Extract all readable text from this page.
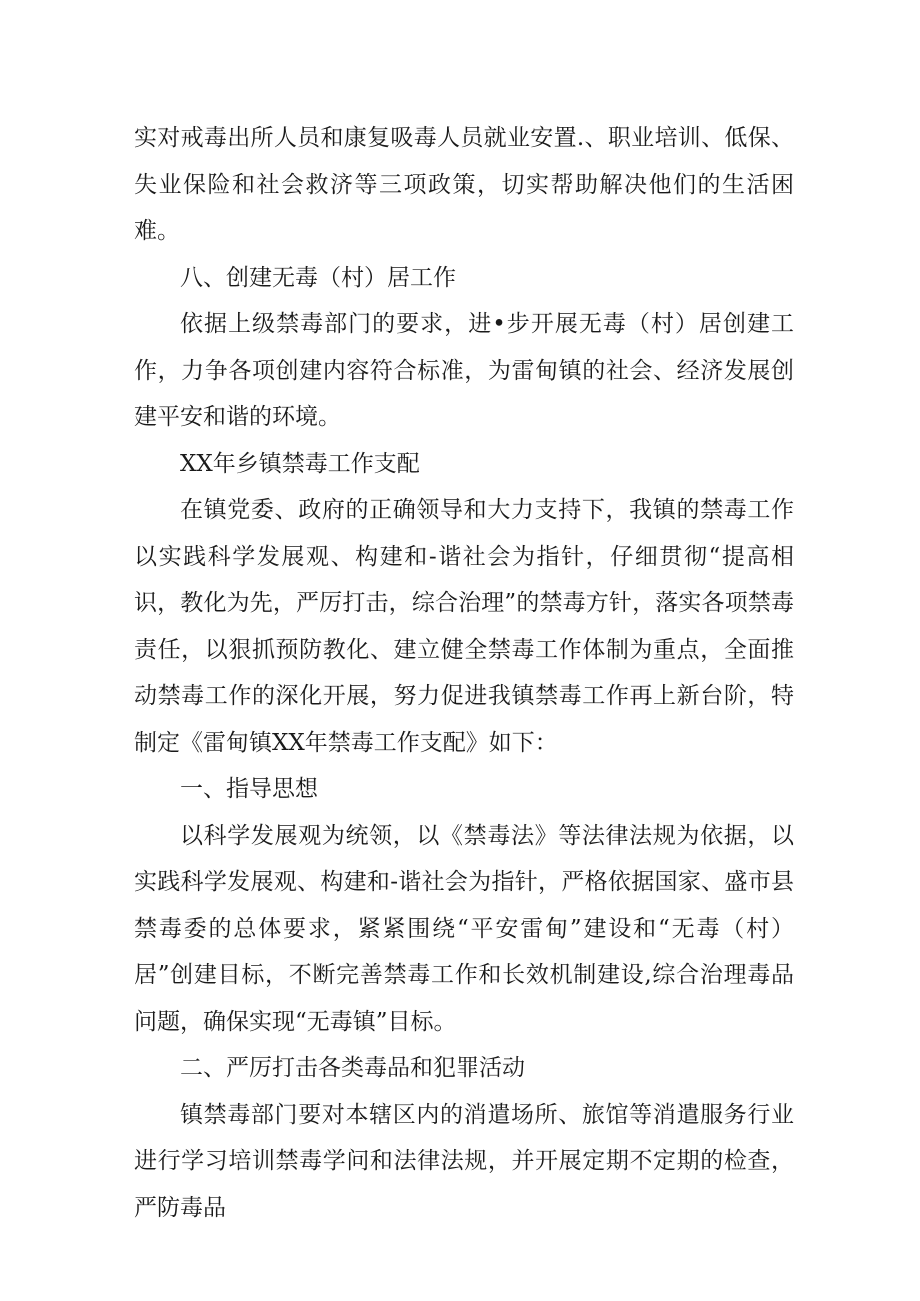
实对戒毒出所人员和康复吸毒人员就业安置.、职业培训、低保、失业保险和社会救济等三项政策，切实帮助解决他们的生活困难。

八、创建无毒（村）居工作

依据上级禁毒部门的要求，进•步开展无毒（村）居创建工作，力争各项创建内容符合标准，为雷甸镇的社会、经济发展创建平安和谐的环境。

XX年乡镇禁毒工作支配

在镇党委、政府的正确领导和大力支持下，我镇的禁毒工作以实践科学发展观、构建和-谐社会为指针，仔细贯彻“提高相识，教化为先，严厉打击，综合治理”的禁毒方针，落实各项禁毒责任，以狠抓预防教化、建立健全禁毒工作体制为重点，全面推动禁毒工作的深化开展，努力促进我镇禁毒工作再上新台阶，特制定《雷甸镇XX年禁毒工作支配》如下：

一、指导思想

以科学发展观为统领，以《禁毒法》等法律法规为依据，以实践科学发展观、构建和-谐社会为指针，严格依据国家、盛市县禁毒委的总体要求，紧紧围绕“平安雷甸”建设和“无毒（村）居”创建目标，不断完善禁毒工作和长效机制建设,综合治理毒品问题，确保实现“无毒镇”目标。

二、严厉打击各类毒品和犯罪活动

镇禁毒部门要对本辖区内的消遣场所、旅馆等消遣服务行业进行学习培训禁毒学问和法律法规，并开展定期不定期的检查，严防毒品
